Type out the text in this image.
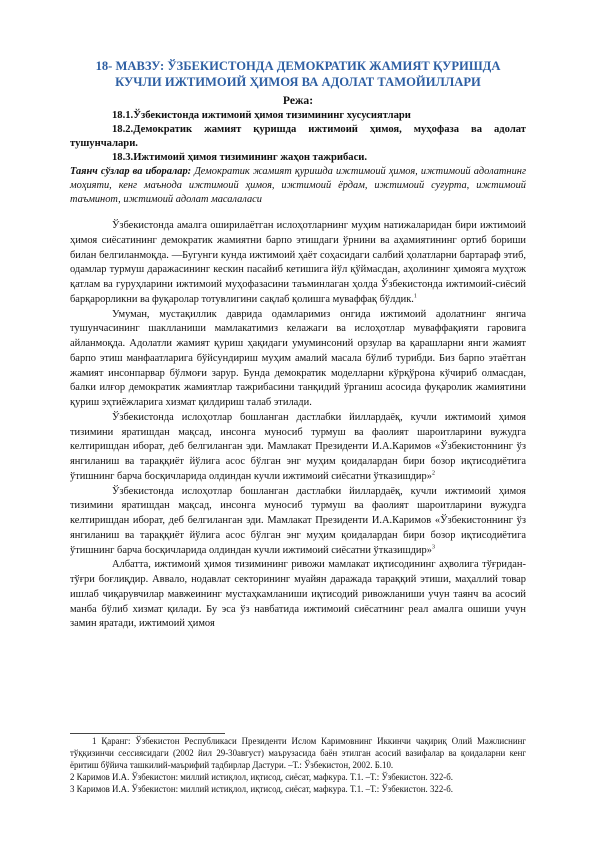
18- МАВЗУ: ЎЗБЕКИСТОНДА ДЕМОКРАТИК ЖАМИЯТ ҚУРИШДА
КУЧЛИ ИЖТИМОИЙ ҲИМОЯ ВА АДОЛАТ ТАМОЙИЛЛАРИ
Режа:
18.1.Ўзбекистонда ижтимоий ҳимоя тизимининг хусусиятлари
18.2.Демократик жамият қуришда ижтимоий ҳимоя, муҳофаза ва адолат
тушунчалари.
18.3.Ижтимоий ҳимоя тизимининг жаҳон тажрибаси.
Таянч сўзлар ва иборалар: Демократик жамият қуришда ижтимоий ҳимоя, ижтимоий адолатнинг моҳияти, кенг маънода ижтимоий ҳимоя, ижтимоий ёрдам, ижтимоий суғурта, ижтимоий таъминот, ижтимоий адолат масалаласи

Ўзбекистонда амалга оширилаётган ислоҳотларнинг муҳим натижаларидан бири ижтимоий ҳимоя сиёсатининг демократик жамиятни барпо этишдаги ўрнини ва аҳамиятининг ортиб бориши билан белгиланмоқда. ―Бугунги кунда ижтимоий ҳаёт соҳасидаги салбий ҳолатларни бартараф этиб, одамлар турмуш даражасининг кескин пасайиб кетишига йўл қўймасдан, аҳолининг ҳимояга муҳтож қатлам ва гуруҳларини ижтимоий муҳофазасини таъминлаган ҳолда Ўзбекистонда ижтимоий-сиёсий барқарорликни ва фуқаролар тотувлигини сақлаб қолишга муваффақ бўлдик.$^1$

Умуман, мустақиллик даврида одамларимиз онгида ижтимоий адолатнинг янгича тушунчасининг шаклланиши мамлакатимиз келажаги ва ислоҳотлар муваффақияти гаровига айланмоқда. Адолатли жамият қуриш ҳақидаги умуминсоний орзулар ва қарашларни янги жамият барпо этиш манфаатларига бўйсундириш муҳим амалий масала бўлиб турибди. Биз барпо этаётган жамият инсонпарвар бўлмоғи зарур. Бунда демократик моделларни кўрқўрона кўчириб олмасдан, балки илғор демократик жамиятлар тажрибасини танқидий ўрганиш асосида фуқаролик жамиятини қуриш эҳтиёжларига хизмат қилдириш талаб этилади.

Ўзбекистонда ислоҳотлар бошланган дастлабки йиллардаёқ, кучли ижтимоий ҳимоя тизимини яратишдан мақсад, инсонга муносиб турмуш ва фаолият шароитларини вужудга келтиришдан иборат, деб белгиланган эди. Мамлакат Президенти И.А.Каримов «Ўзбекистоннинг ўз янгиланиш ва тараққиёт йўлига асос бўлган энг муҳим қоидалардан бири бозор иқтисодиётига ўтишнинг барча босқичларида олдиндан кучли ижтимоий сиёсатни ўтказишдир»$^2$

Ўзбекистонда ислоҳотлар бошланган дастлабки йиллардаёқ, кучли ижтимоий ҳимоя тизимини яратишдан мақсад, инсонга муносиб турмуш ва фаолият шароитларини вужудга келтиришдан иборат, деб белгиланган эди. Мамлакат Президенти И.А.Каримов «Ўзбекистоннинг ўз янгиланиш ва тараққиёт йўлига асос бўлган энг муҳим қоидалардан бири бозор иқтисодиётига ўтишнинг барча босқичларида олдиндан кучли ижтимоий сиёсатни ўтказишдир»$^3$

Албатта, ижтимоий ҳимоя тизимининг ривожи мамлакат иқтисодининг аҳволига тўғридан- тўғри боғлиқдир. Аввало, нодавлат секторининг муайян даражада тараққий этиши, маҳаллий товар ишлаб чиқарувчилар мавжеининг мустаҳкамланиши иқтисодий ривожланиши учун таянч ва асосий манба бўлиб хизмат қилади. Бу эса ўз навбатида ижтимоий сиёсатнинг реал амалга ошиши учун замин яратади, ижтимоий ҳимоя

1 Қаранг: Ўзбекистон Республикаси Президенти Ислом Каримовнинг Иккинчи чақириқ Олий Мажлиснинг тўққизинчи сессиясидаги (2002 йил 29-30август) маърузасида баён этилган асосий вазифалар ва қоидаларни кенг ёритиш бўйича ташкилий-маърифий тадбирлар Дастури. –Т.: Ўзбекистон, 2002. Б.10.

2 Каримов И.А. Ўзбекистон: миллий истиқлол, иқтисод, сиёсат, мафкура. Т.1. –Т.: Ўзбекистон. 322-б.

3 Каримов И.А. Ўзбекистон: миллий истиқлол, иқтисод, сиёсат, мафкура. Т.1. –Т.: Ўзбекистон. 322-б.
